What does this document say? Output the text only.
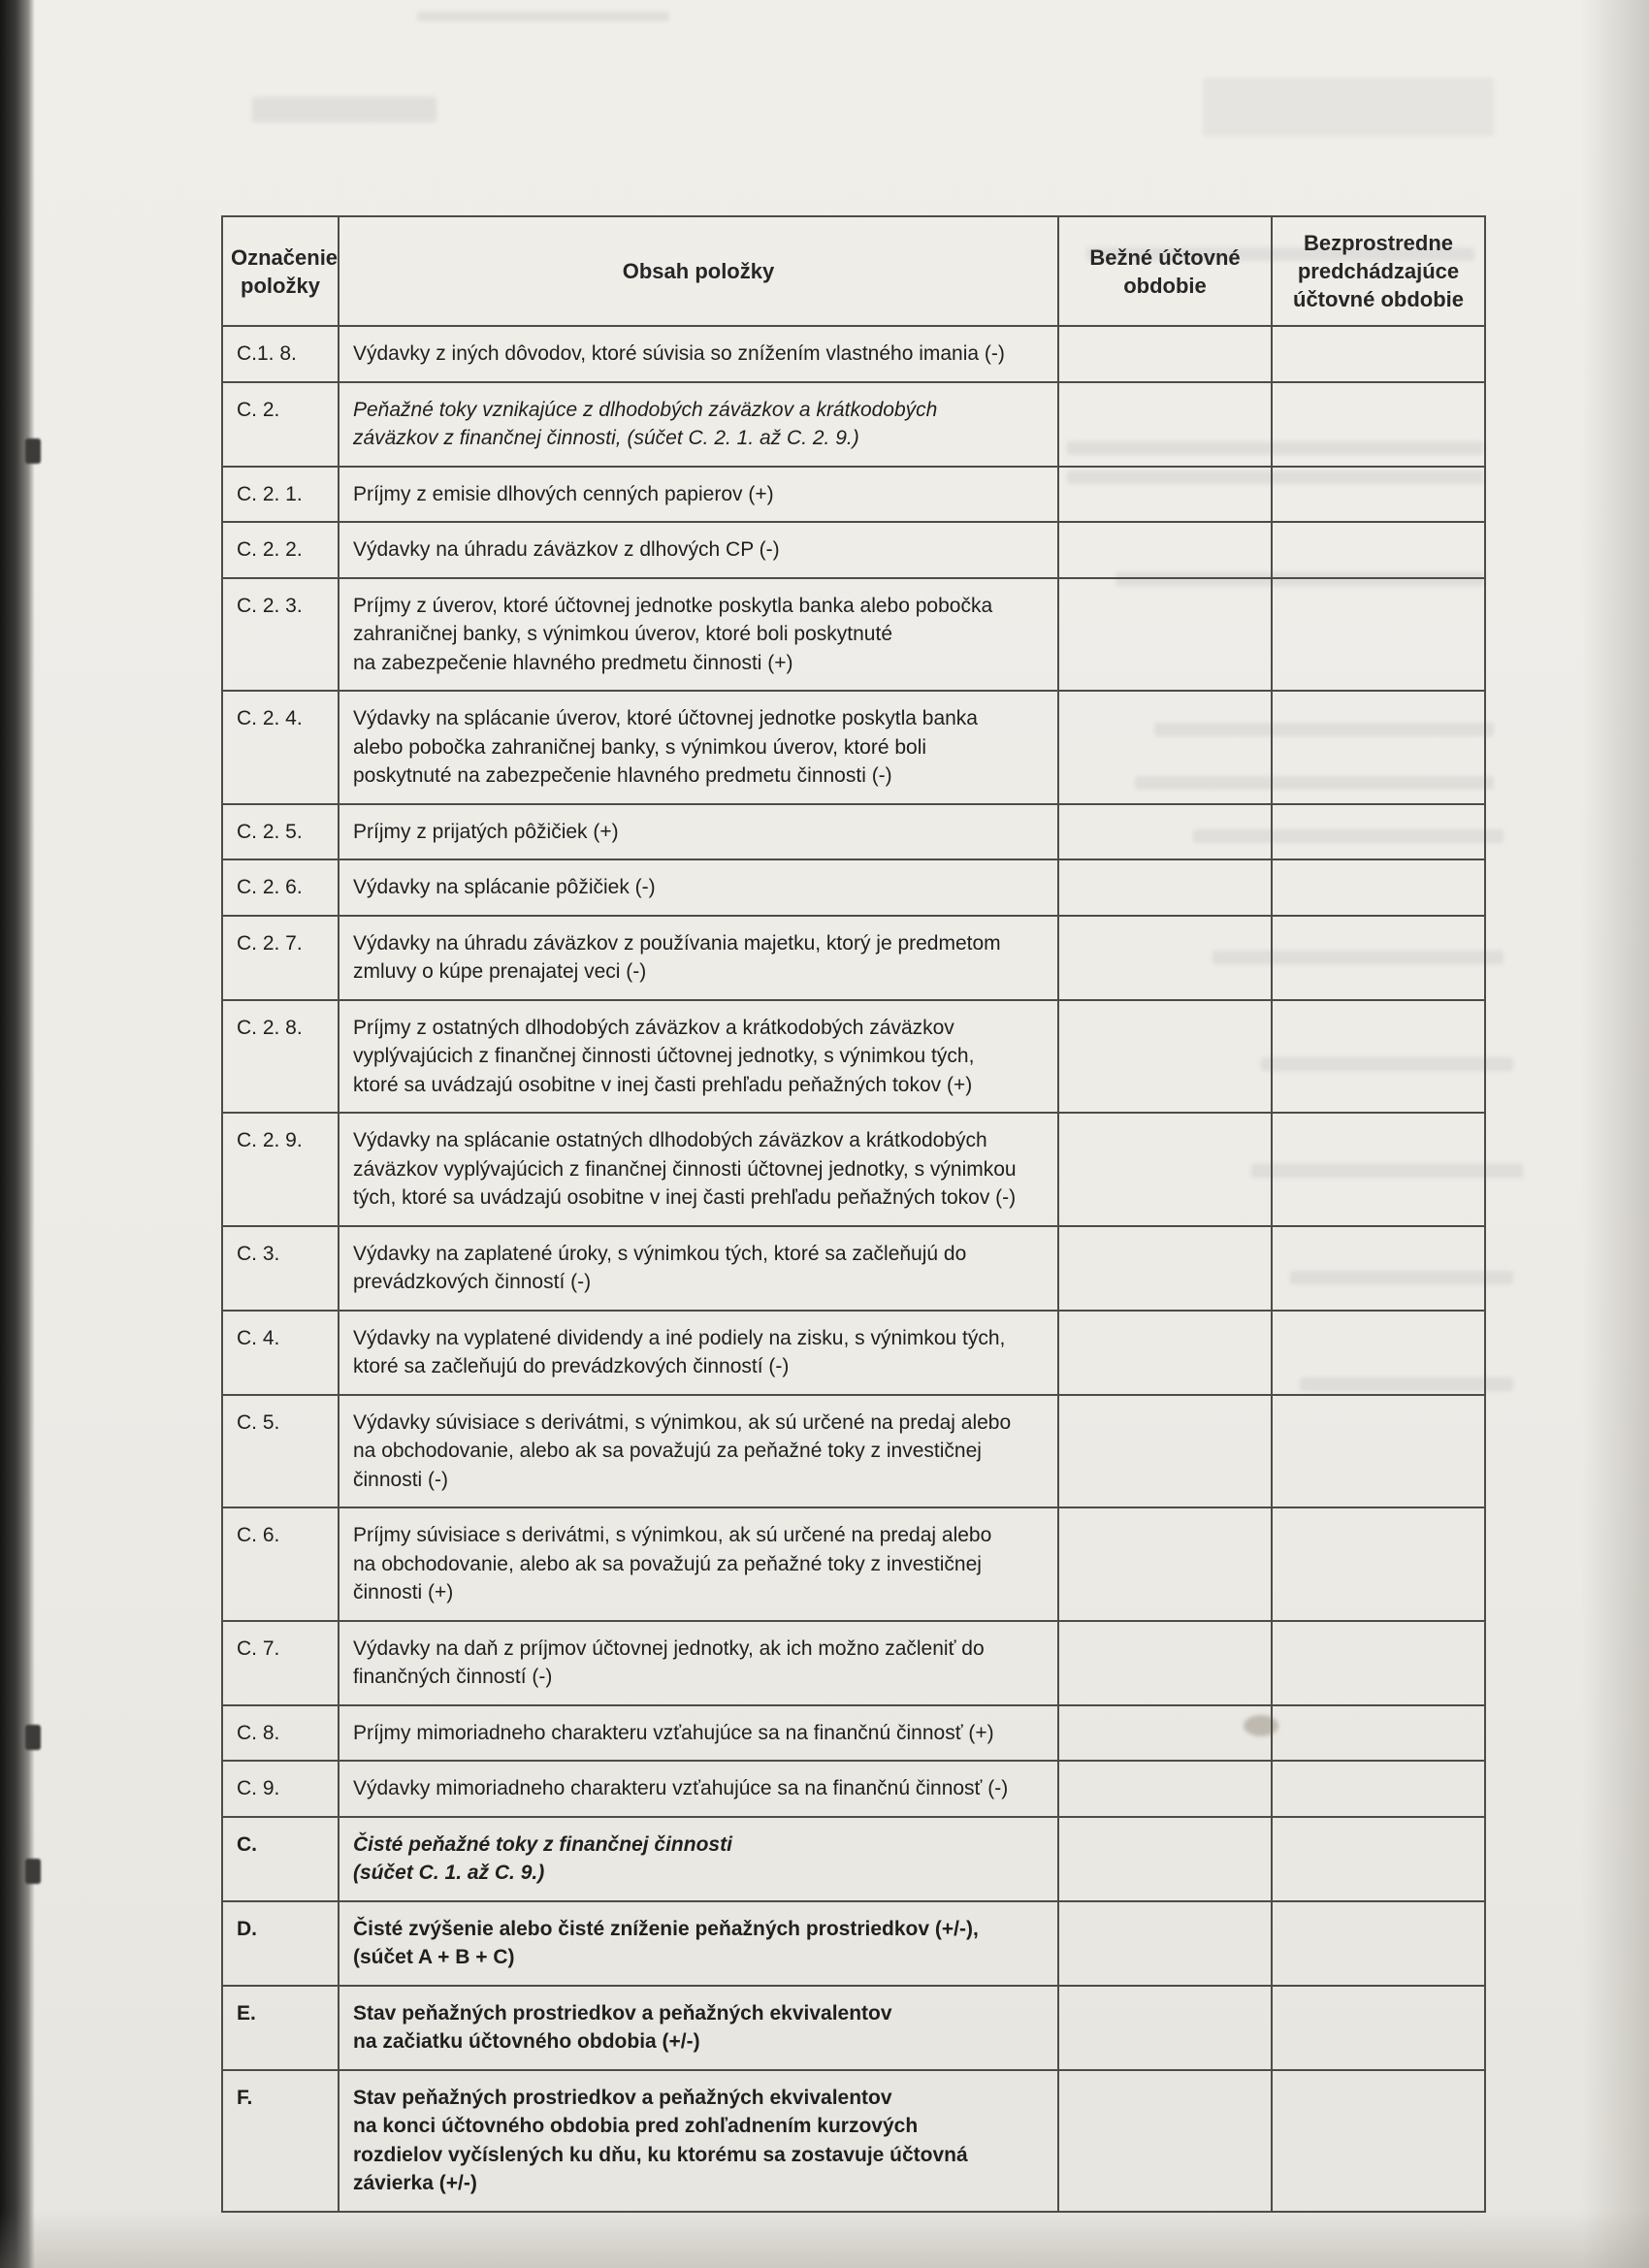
Označenie položky	Obsah položky	Bežné účtovné obdobie	Bezprostredne predchádzajúce účtovné obdobie
C.1. 8.	Výdavky z iných dôvodov, ktoré súvisia so znížením vlastného imania (-)		

C. 2.	Peňažné toky vznikajúce z dlhodobých záväzkov a krátkodobých
záväzkov z finančnej činnosti, (súčet C. 2. 1. až C. 2. 9.)		

C. 2. 1.	Príjmy z emisie dlhových cenných papierov (+)		

C. 2. 2.	Výdavky na úhradu záväzkov z dlhových CP (-)		

C. 2. 3.	Príjmy z úverov, ktoré účtovnej jednotke poskytla banka alebo pobočka
zahraničnej banky, s výnimkou úverov, ktoré boli poskytnuté
na zabezpečenie hlavného predmetu činnosti (+)		

C. 2. 4.	Výdavky na splácanie úverov, ktoré účtovnej jednotke poskytla banka
alebo pobočka zahraničnej banky, s výnimkou úverov, ktoré boli
poskytnuté na zabezpečenie hlavného predmetu činnosti (-)		

C. 2. 5.	Príjmy z prijatých pôžičiek (+)		

C. 2. 6.	Výdavky na splácanie pôžičiek (-)		

C. 2. 7.	Výdavky na úhradu záväzkov z používania majetku, ktorý je predmetom
zmluvy o kúpe prenajatej veci (-)		

C. 2. 8.	Príjmy z ostatných dlhodobých záväzkov a krátkodobých záväzkov
vyplývajúcich z finančnej činnosti účtovnej jednotky, s výnimkou tých,
ktoré sa uvádzajú osobitne v inej časti prehľadu peňažných tokov (+)		

C. 2. 9.	Výdavky na splácanie ostatných dlhodobých záväzkov a krátkodobých
záväzkov vyplývajúcich z finančnej činnosti účtovnej jednotky, s výnimkou
tých, ktoré sa uvádzajú osobitne v inej časti prehľadu peňažných tokov (-)		

C. 3.	Výdavky na zaplatené úroky, s výnimkou tých, ktoré sa začleňujú do
prevádzkových činností (-)		

C. 4.	Výdavky na vyplatené dividendy a iné podiely na zisku, s výnimkou tých,
ktoré sa začleňujú do prevádzkových činností (-)		

C. 5.	Výdavky súvisiace s derivátmi, s výnimkou, ak sú určené na predaj alebo
na obchodovanie, alebo ak sa považujú za peňažné toky z investičnej
činnosti (-)		

C. 6.	Príjmy súvisiace s derivátmi, s výnimkou, ak sú určené na predaj alebo
na obchodovanie, alebo ak sa považujú za peňažné toky z investičnej
činnosti (+)		

C. 7.	Výdavky na daň z príjmov účtovnej jednotky, ak ich možno začleniť do
finančných činností (-)		

C. 8.	Príjmy mimoriadneho charakteru vzťahujúce sa na finančnú činnosť (+)		

C. 9.	Výdavky mimoriadneho charakteru vzťahujúce sa na finančnú činnosť (-)		

C.	Čisté peňažné toky z finančnej činnosti
(súčet C. 1. až C. 9.)		

D.	Čisté zvýšenie alebo čisté zníženie peňažných prostriedkov (+/-),
(súčet A + B + C)		

E.	Stav peňažných prostriedkov a peňažných ekvivalentov
na začiatku účtovného obdobia (+/-)		

F.	Stav peňažných prostriedkov a peňažných ekvivalentov
na konci účtovného obdobia pred zohľadnením kurzových
rozdielov vyčíslených ku dňu, ku ktorému sa zostavuje účtovná
závierka (+/-)		
